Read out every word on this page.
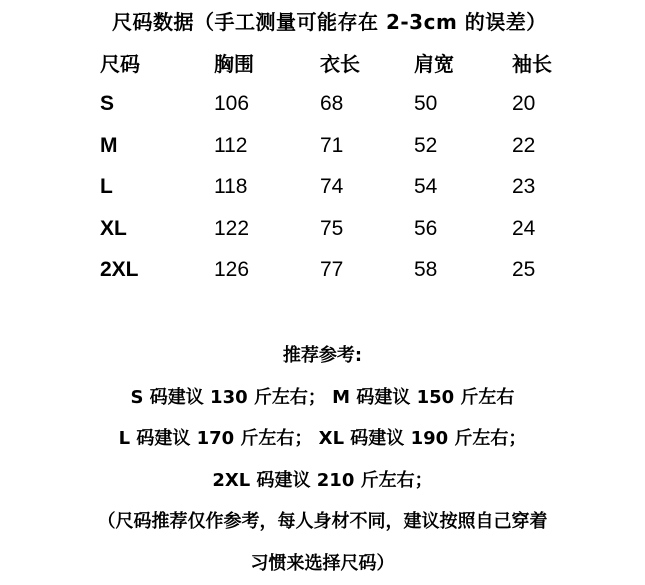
尺码数据（手工测量可能存在 2-3cm 的误差）
尺码	胸围	衣长	肩宽	袖长
S	106	68	50	20
M	112	71	52	22
L	118	74	54	23
XL	122	75	56	24
2XL	126	77	58	25
推荐参考:
S 码建议 130 斤左右； M 码建议 150 斤左右
L 码建议 170 斤左右； XL 码建议 190 斤左右；
2XL 码建议 210 斤左右；
（尺码推荐仅作参考，每人身材不同，建议按照自己穿着
习惯来选择尺码）
